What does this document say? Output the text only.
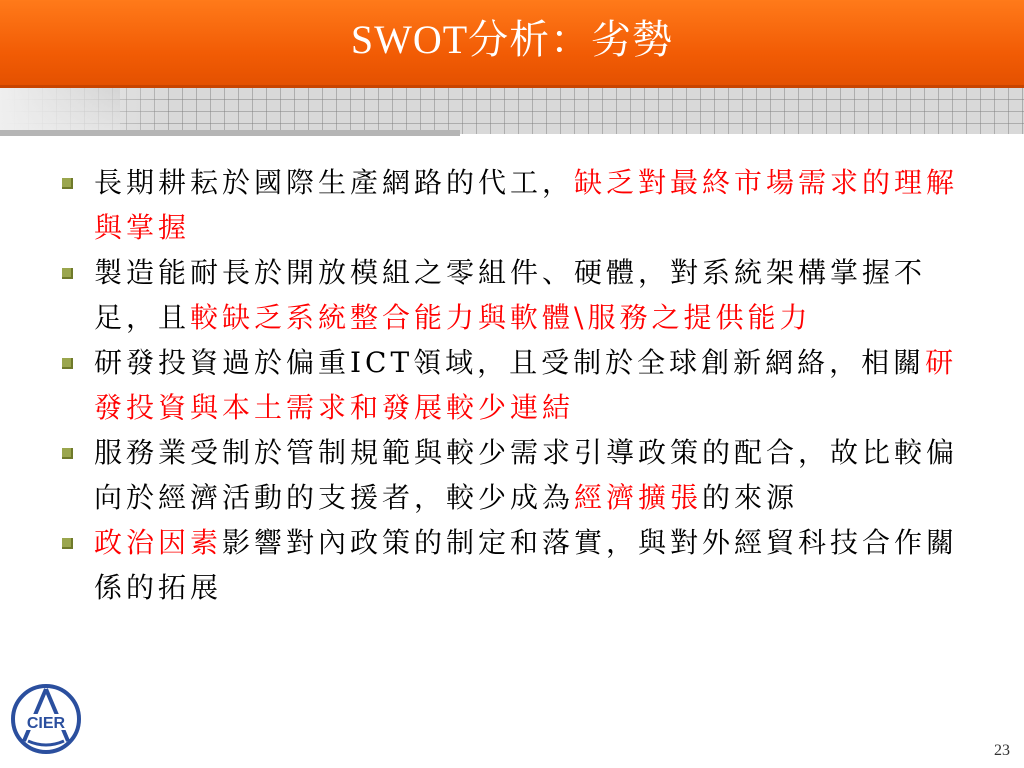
SWOT分析：劣勢

長期耕耘於國際生產網路的代工，缺乏對最終市場需求的理解與掌握

製造能耐長於開放模組之零組件、硬體，對系統架構掌握不足，且較缺乏系統整合能力與軟體\服務之提供能力

研發投資過於偏重ICT領域，且受制於全球創新網絡，相關研發投資與本土需求和發展較少連結

服務業受制於管制規範與較少需求引導政策的配合，故比較偏向於經濟活動的支援者，較少成為經濟擴張的來源

政治因素影響對內政策的制定和落實，與對外經貿科技合作關係的拓展

CIER
23
